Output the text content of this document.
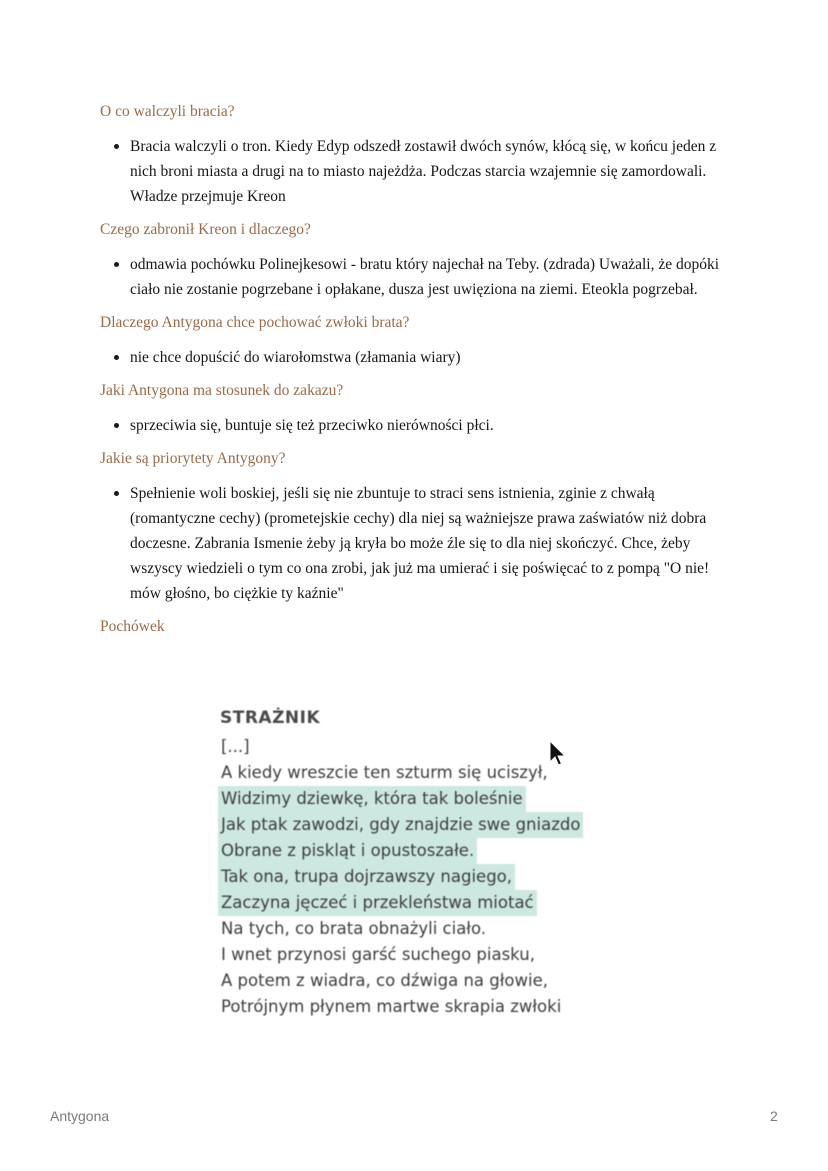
O co walczyli bracia?

Bracia walczyli o tron. Kiedy Edyp odszedł zostawił dwóch synów, kłócą się, w końcu jeden z nich broni miasta a drugi na to miasto najeżdża. Podczas starcia wzajemnie się zamordowali. Władze przejmuje Kreon

Czego zabronił Kreon i dlaczego?

odmawia pochówku Polinejkesowi - bratu który najechał na Teby. (zdrada) Uważali, że dopóki ciało nie zostanie pogrzebane i opłakane, dusza jest uwięziona na ziemi. Eteokla pogrzebał.

Dlaczego Antygona chce pochować zwłoki brata?

nie chce dopuścić do wiarołomstwa (złamania wiary)

Jaki Antygona ma stosunek do zakazu?

sprzeciwia się, buntuje się też przeciwko nierówności płci.

Jakie są priorytety Antygony?

Spełnienie woli boskiej, jeśli się nie zbuntuje to straci sens istnienia, zginie z chwałą (romantyczne cechy) (prometejskie cechy) dla niej są ważniejsze prawa zaświatów niż dobra doczesne. Zabrania Ismenie żeby ją kryła bo może źle się to dla niej skończyć. Chce, żeby wszyscy wiedzieli o tym co ona zrobi, jak już ma umierać i się poświęcać to z pompą "O nie! mów głośno, bo ciężkie ty kaźnie"

Pochówek

STRAŻNIK
[...]
A kiedy wreszcie ten szturm się uciszył,
Widzimy dziewkę, która tak boleśnie
Jak ptak zawodzi, gdy znajdzie swe gniazdo
Obrane z piskląt i opustoszałe.
Tak ona, trupa dojrzawszy nagiego,
Zaczyna jęczeć i przekleństwa miotać
Na tych, co brata obnażyli ciało.
I wnet przynosi garść suchego piasku,
A potem z wiadra, co dźwiga na głowie,
Potrójnym płynem martwe skrapia zwłoki
Antygona	2
